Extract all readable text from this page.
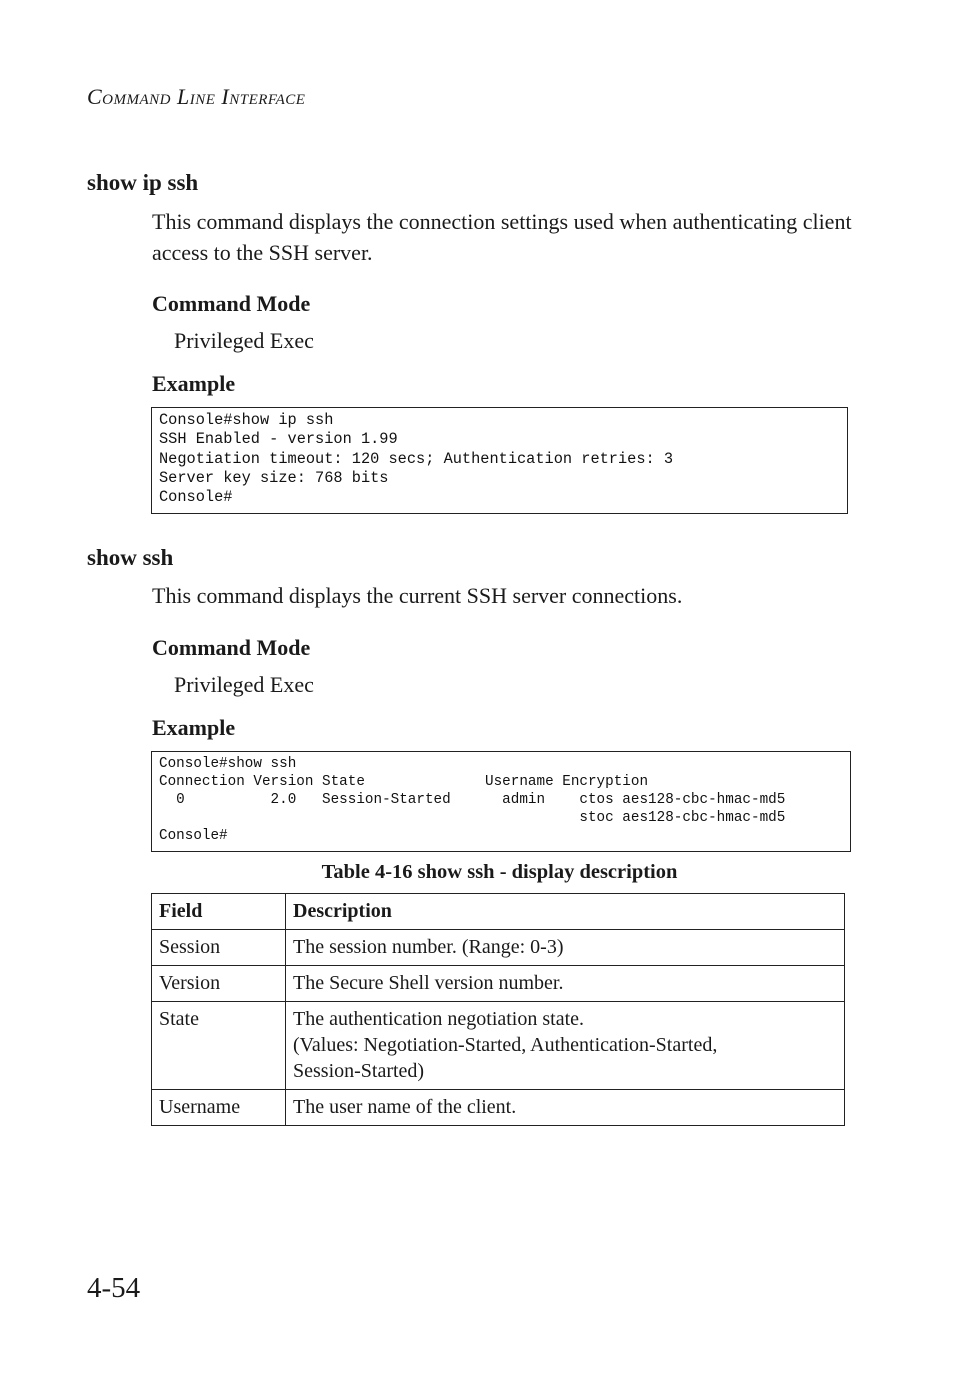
Command Line Interface
show ip ssh
This command displays the connection settings used when authenticating client access to the SSH server.
Command Mode
Privileged Exec
Example
Console#show ip ssh
SSH Enabled - version 1.99
Negotiation timeout: 120 secs; Authentication retries: 3
Server key size: 768 bits
Console#
show ssh
This command displays the current SSH server connections.
Command Mode
Privileged Exec
Example
Console#show ssh
Connection Version State              Username Encryption
0          2.0   Session-Started      admin    ctos aes128-cbc-hmac-md5
stoc aes128-cbc-hmac-md5
Console#
Table 4-16 show ssh - display description
Field	Description
Session	The session number. (Range: 0-3)

Version	The Secure Shell version number.

State	The authentication negotiation state.
(Values: Negotiation-Started, Authentication-Started,
Session-Started)

Username	The user name of the client.
4-54
